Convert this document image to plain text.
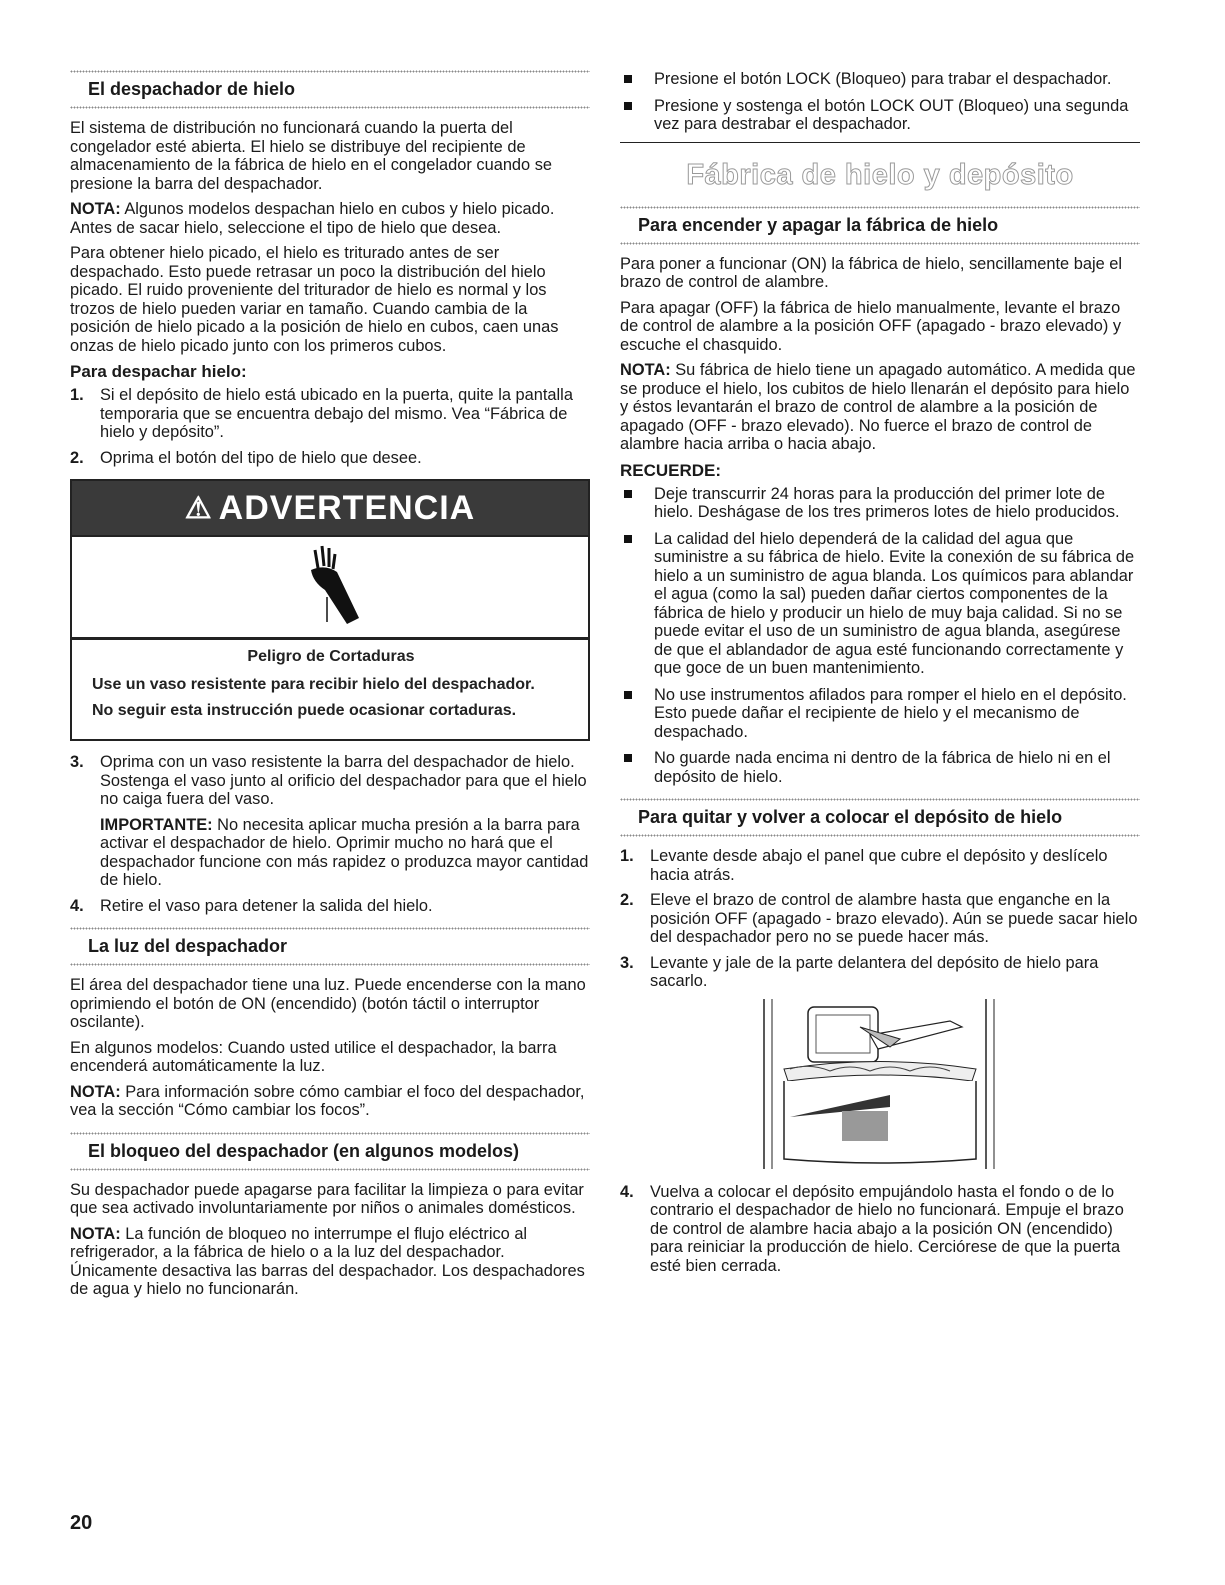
El despachador de hielo

El sistema de distribución no funcionará cuando la puerta del congelador esté abierta. El hielo se distribuye del recipiente de almacenamiento de la fábrica de hielo en el congelador cuando se presione la barra del despachador.

NOTA: Algunos modelos despachan hielo en cubos y hielo picado. Antes de sacar hielo, seleccione el tipo de hielo que desea.

Para obtener hielo picado, el hielo es triturado antes de ser despachado. Esto puede retrasar un poco la distribución del hielo picado. El ruido proveniente del triturador de hielo es normal y los trozos de hielo pueden variar en tamaño. Cuando cambia de la posición de hielo picado a la posición de hielo en cubos, caen unas onzas de hielo picado junto con los primeros cubos.

Para despachar hielo:
1. Si el depósito de hielo está ubicado en la puerta, quite la pantalla temporaria que se encuentra debajo del mismo. Vea “Fábrica de hielo y depósito”.
2. Oprima el botón del tipo de hielo que desee.
⚠ ADVERTENCIA
Peligro de Cortaduras

Use un vaso resistente para recibir hielo del despachador.

No seguir esta instrucción puede ocasionar cortaduras.

3. Oprima con un vaso resistente la barra del despachador de hielo. Sostenga el vaso junto al orificio del despachador para que el hielo no caiga fuera del vaso.

IMPORTANTE: No necesita aplicar mucha presión a la barra para activar el despachador de hielo. Oprimir mucho no hará que el despachador funcione con más rapidez o produzca mayor cantidad de hielo.

4. Retire el vaso para detener la salida del hielo.
La luz del despachador

El área del despachador tiene una luz. Puede encenderse con la mano oprimiendo el botón de ON (encendido) (botón táctil o interruptor oscilante).

En algunos modelos: Cuando usted utilice el despachador, la barra encenderá automáticamente la luz.

NOTA: Para información sobre cómo cambiar el foco del despachador, vea la sección “Cómo cambiar los focos”.

El bloqueo del despachador (en algunos modelos)

Su despachador puede apagarse para facilitar la limpieza o para evitar que sea activado involuntariamente por niños o animales domésticos.

NOTA: La función de bloqueo no interrumpe el flujo eléctrico al refrigerador, a la fábrica de hielo o a la luz del despachador. Únicamente desactiva las barras del despachador. Los despachadores de agua y hielo no funcionarán.

Presione el botón LOCK (Bloqueo) para trabar el despachador.
Presione y sostenga el botón LOCK OUT (Bloqueo) una segunda vez para destrabar el despachador.
Fábrica de hielo y depósito
Para encender y apagar la fábrica de hielo

Para poner a funcionar (ON) la fábrica de hielo, sencillamente baje el brazo de control de alambre.

Para apagar (OFF) la fábrica de hielo manualmente, levante el brazo de control de alambre a la posición OFF (apagado - brazo elevado) y escuche el chasquido.

NOTA: Su fábrica de hielo tiene un apagado automático. A medida que se produce el hielo, los cubitos de hielo llenarán el depósito para hielo y éstos levantarán el brazo de control de alambre a la posición de apagado (OFF - brazo elevado). No fuerce el brazo de control de alambre hacia arriba o hacia abajo.

RECUERDE:
Deje transcurrir 24 horas para la producción del primer lote de hielo. Deshágase de los tres primeros lotes de hielo producidos.
La calidad del hielo dependerá de la calidad del agua que suministre a su fábrica de hielo. Evite la conexión de su fábrica de hielo a un suministro de agua blanda. Los químicos para ablandar el agua (como la sal) pueden dañar ciertos componentes de la fábrica de hielo y producir un hielo de muy baja calidad. Si no se puede evitar el uso de un suministro de agua blanda, asegúrese de que el ablandador de agua esté funcionando correctamente y que goce de un buen mantenimiento.
No use instrumentos afilados para romper el hielo en el depósito. Esto puede dañar el recipiente de hielo y el mecanismo de despachado.
No guarde nada encima ni dentro de la fábrica de hielo ni en el depósito de hielo.
Para quitar y volver a colocar el depósito de hielo
1. Levante desde abajo el panel que cubre el depósito y deslícelo hacia atrás.
2. Eleve el brazo de control de alambre hasta que enganche en la posición OFF (apagado - brazo elevado). Aún se puede sacar hielo del despachador pero no se puede hacer más.
3. Levante y jale de la parte delantera del depósito de hielo para sacarlo.
4. Vuelva a colocar el depósito empujándolo hasta el fondo o de lo contrario el despachador de hielo no funcionará. Empuje el brazo de control de alambre hacia abajo a la posición ON (encendido) para reiniciar la producción de hielo. Cerciórese de que la puerta esté bien cerrada.
20
